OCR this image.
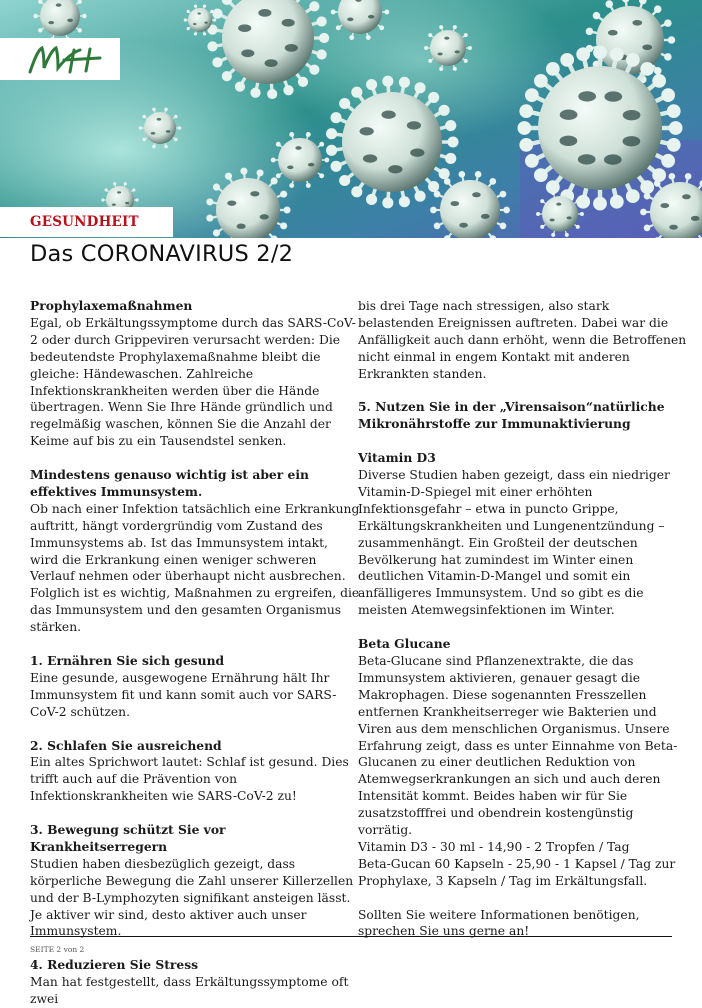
GESUNDHEIT
Das CORONAVIRUS 2/2

Prophylaxemaßnahmen
Egal, ob Erkältungssymptome durch das SARS-CoV-2 oder durch Grippeviren verursacht werden: Die bedeutendste Prophylaxemaßnahme bleibt die gleiche: Händewaschen. Zahlreiche Infektionskrankheiten werden über die Hände übertragen. Wenn Sie Ihre Hände gründlich und regelmäßig waschen, können Sie die Anzahl der Keime auf bis zu ein Tausendstel senken.

Mindestens genauso wichtig ist aber ein effektives Immunsystem.
Ob nach einer Infektion tatsächlich eine Erkrankung auftritt, hängt vordergründig vom Zustand des Immunsystems ab. Ist das Immunsystem intakt, wird die Erkrankung einen weniger schweren Verlauf nehmen oder überhaupt nicht ausbrechen. Folglich ist es wichtig, Maßnahmen zu ergreifen, die das Immunsystem und den gesamten Organismus stärken.

1. Ernähren Sie sich gesund
Eine gesunde, ausgewogene Ernährung hält Ihr Immunsystem fit und kann somit auch vor SARS-CoV-2 schützen.

2. Schlafen Sie ausreichend
Ein altes Sprichwort lautet: Schlaf ist gesund. Dies trifft auch auf die Prävention von Infektionskrankheiten wie SARS-CoV-2 zu!

3. Bewegung schützt Sie vor Krankheitserregern
Studien haben diesbezüglich gezeigt, dass körperliche Bewegung die Zahl unserer Killerzellen und der B-Lymphozyten signifikant ansteigen lässt. Je aktiver wir sind, desto aktiver auch unser Immunsystem.

4. Reduzieren Sie Stress
Man hat festgestellt, dass Erkältungssymptome oft zwei

bis drei Tage nach stressigen, also stark belastenden Ereignissen auftreten. Dabei war die Anfälligkeit auch dann erhöht, wenn die Betroffenen nicht einmal in engem Kontakt mit anderen Erkrankten standen.

5. Nutzen Sie in der „Virensaison“natürliche Mikronährstoffe zur Immunaktivierung

Vitamin D3
Diverse Studien haben gezeigt, dass ein niedriger Vitamin-D-Spiegel mit einer erhöhten Infektionsgefahr – etwa in puncto Grippe, Erkältungskrankheiten und Lungenentzündung – zusammenhängt. Ein Großteil der deutschen Bevölkerung hat zumindest im Winter einen deutlichen Vitamin-D-Mangel und somit ein anfälligeres Immunsystem. Und so gibt es die meisten Atemwegsinfektionen im Winter.

Beta Glucane
Beta-Glucane sind Pflanzenextrakte, die das Immunsystem aktivieren, genauer gesagt die Makrophagen. Diese sogenannten Fresszellen entfernen Krankheitserreger wie Bakterien und Viren aus dem menschlichen Organismus. Unsere Erfahrung zeigt, dass es unter Einnahme von Beta-Glucanen zu einer deutlichen Reduktion von Atemwegserkrankungen an sich und auch deren Intensität kommt. Beides haben wir für Sie zusatzstofffrei und obendrein kostengünstig vorrätig.

Vitamin D3 - 30 ml - 14,90 - 2 Tropfen / Tag

Beta-Gucan 60 Kapseln - 25,90 - 1 Kapsel / Tag zur Prophylaxe, 3 Kapseln / Tag im Erkältungsfall.

Sollten Sie weitere Informationen benötigen, sprechen Sie uns gerne an!

SEITE 2 von 2
